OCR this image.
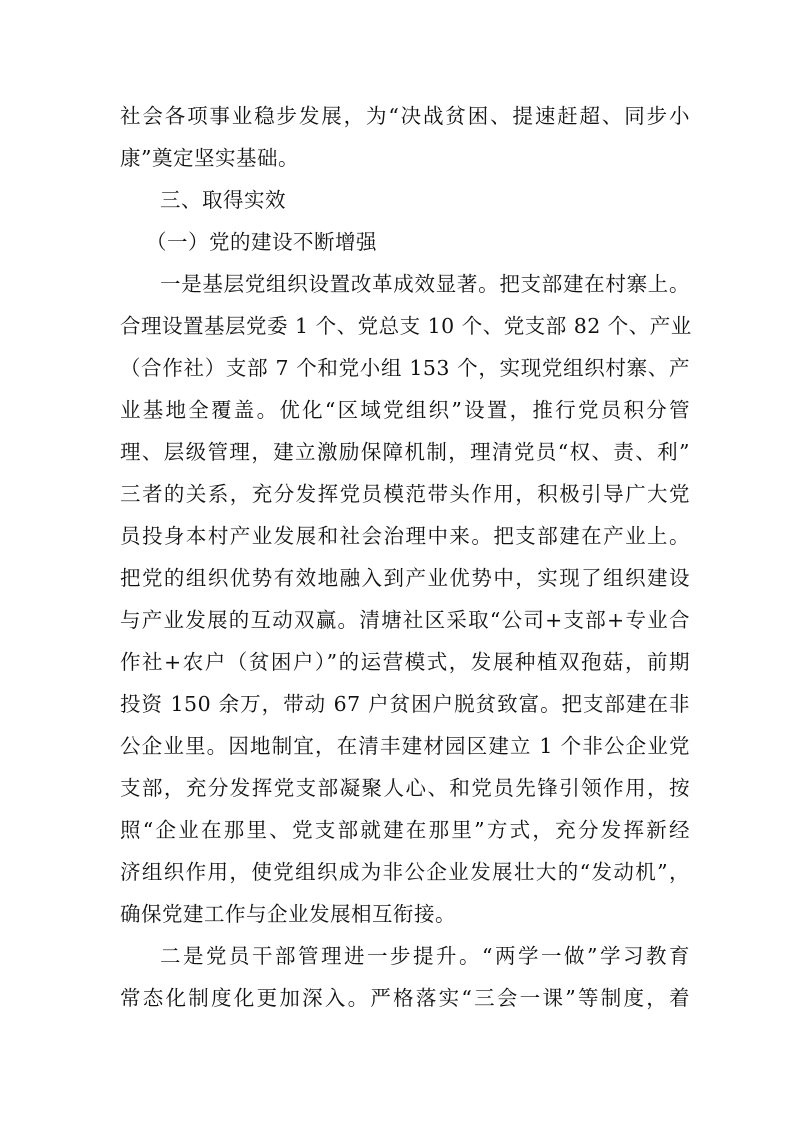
社会各项事业稳步发展，为“决战贫困、提速赶超、同步小
康”奠定坚实基础。
三、取得实效
（一）党的建设不断增强
一是基层党组织设置改革成效显著。把支部建在村寨上。
合理设置基层党委 1 个、党总支 10 个、党支部 82 个、产业
（合作社）支部 7 个和党小组 153 个，实现党组织村寨、产
业基地全覆盖。优化“区域党组织”设置，推行党员积分管
理、层级管理，建立激励保障机制，理清党员“权、责、利”
三者的关系，充分发挥党员模范带头作用，积极引导广大党
员投身本村产业发展和社会治理中来。把支部建在产业上。
把党的组织优势有效地融入到产业优势中，实现了组织建设
与产业发展的互动双赢。清塘社区采取“公司+支部+专业合
作社+农户（贫困户）”的运营模式，发展种植双孢菇，前期
投资 150 余万，带动 67 户贫困户脱贫致富。把支部建在非
公企业里。因地制宜，在清丰建材园区建立 1 个非公企业党
支部，充分发挥党支部凝聚人心、和党员先锋引领作用，按
照“企业在那里、党支部就建在那里”方式，充分发挥新经
济组织作用，使党组织成为非公企业发展壮大的“发动机”，
确保党建工作与企业发展相互衔接。
二是党员干部管理进一步提升。“两学一做”学习教育
常态化制度化更加深入。严格落实“三会一课”等制度，着
